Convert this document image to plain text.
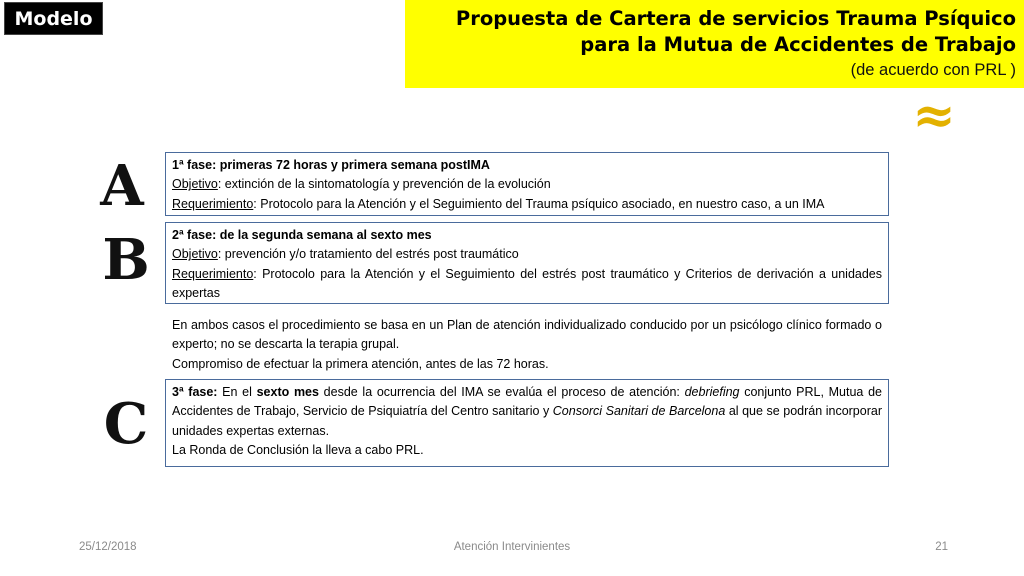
Modelo	Propuesta de Cartera de servicios Trauma Psíquico
para la Mutua de Accidentes de Trabajo
(de acuerdo con PRL )
≈
A
B
C
1ª fase: primeras 72 horas y primera semana postIMA
Objetivo: extinción de la sintomatología y prevención de la evolución
Requerimiento: Protocolo para la Atención y el Seguimiento del Trauma psíquico asociado, en nuestro caso, a un IMA
2ª fase: de la segunda semana al sexto mes
Objetivo: prevención y/o tratamiento del estrés post traumático
Requerimiento: Protocolo para la Atención y el Seguimiento del estrés post traumático y Criterios de derivación a unidades expertas
En ambos casos el procedimiento se basa en un Plan de atención individualizado conducido por un psicólogo clínico formado o experto; no se descarta la terapia grupal.
Compromiso de efectuar la primera atención, antes de las 72 horas.
3ª fase: En el sexto mes desde la ocurrencia del IMA se evalúa el proceso de atención: debriefing conjunto PRL, Mutua de Accidentes de Trabajo, Servicio de Psiquiatría del Centro sanitario y Consorci Sanitari de Barcelona al que se podrán incorporar unidades expertas externas.
La Ronda de Conclusión la lleva a cabo PRL.
25/12/2018	Atención Intervinientes	21
